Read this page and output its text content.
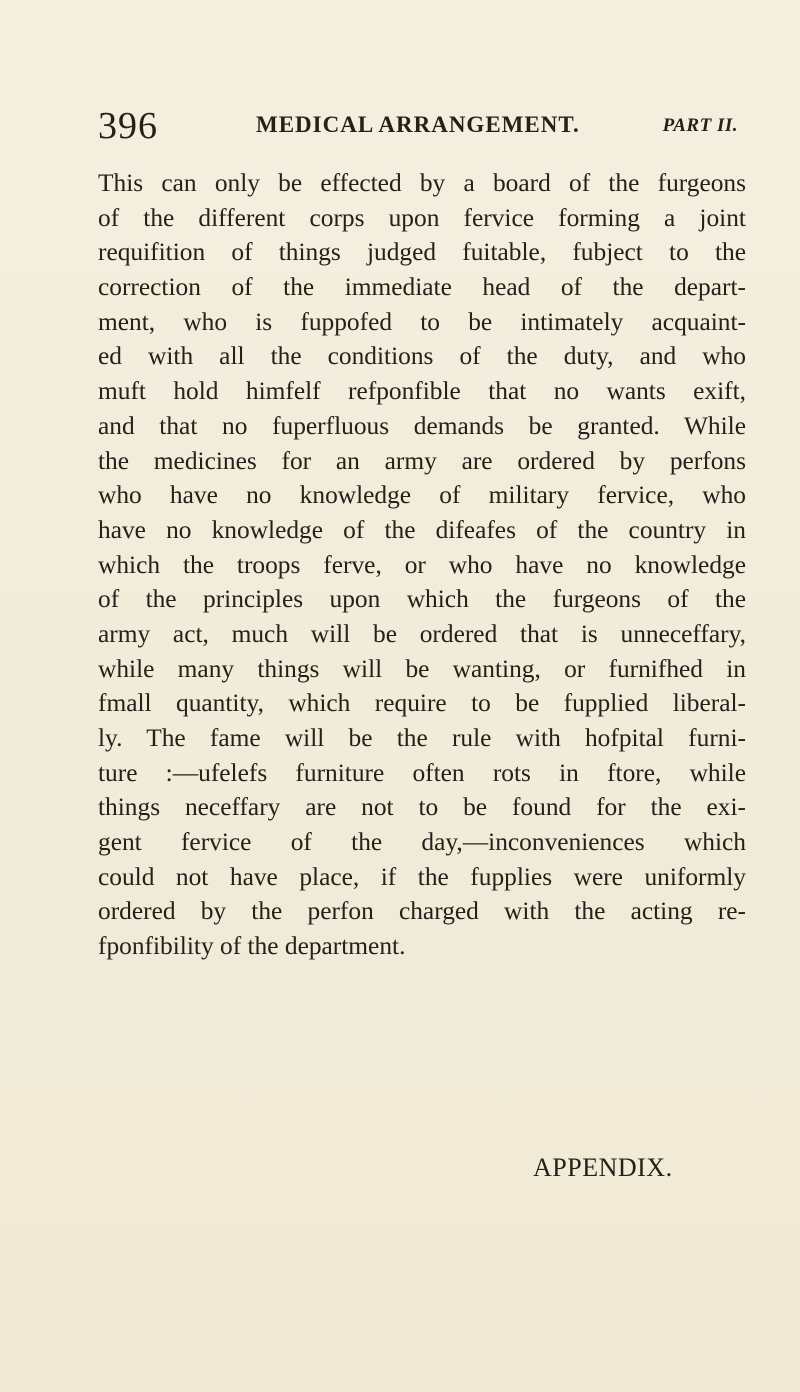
396	MEDICAL ARRANGEMENT.	PART II.
This can only be effected by a board of the furgeons
of the different corps upon fervice forming a joint
requifition of things judged fuitable, fubject to the
correction of the immediate head of the depart-
ment, who is fuppofed to be intimately acquaint-
ed with all the conditions of the duty, and who
muft hold himfelf refponfible that no wants exift,
and that no fuperfluous demands be granted. While
the medicines for an army are ordered by perfons
who have no knowledge of military fervice, who
have no knowledge of the difeafes of the country in
which the troops ferve, or who have no knowledge
of the principles upon which the furgeons of the
army act, much will be ordered that is unneceffary,
while many things will be wanting, or furnifhed in
fmall quantity, which require to be fupplied liberal-
ly. The fame will be the rule with hofpital furni-
ture :—ufelefs furniture often rots in ftore, while
things neceffary are not to be found for the exi-
gent fervice of the day,—inconveniences which
could not have place, if the fupplies were uniformly
ordered by the perfon charged with the acting re-
fponfibility of the department.
APPENDIX.
